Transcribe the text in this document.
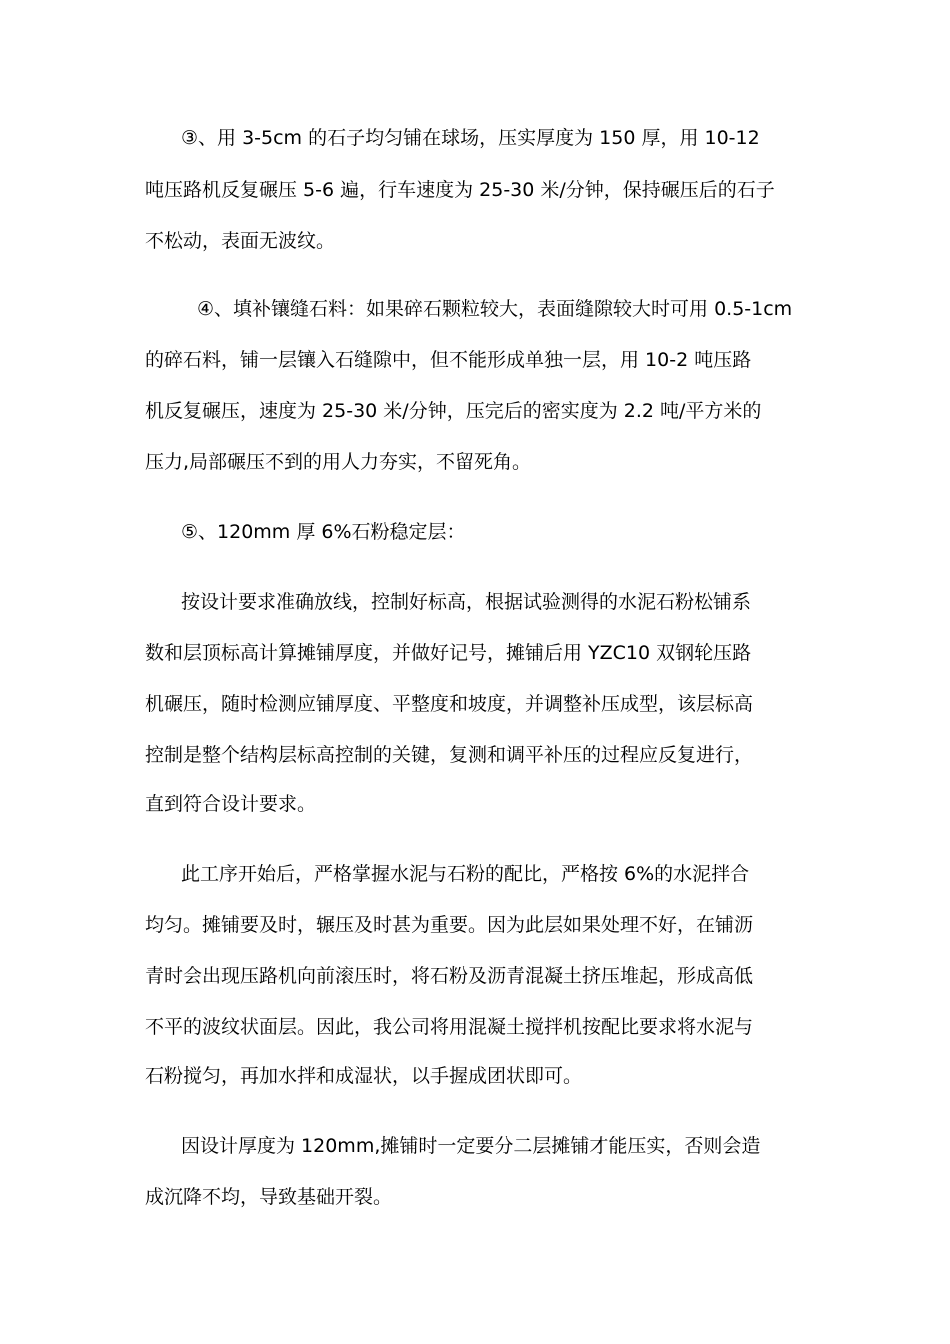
③、用 3-5cm 的石子均匀铺在球场，压实厚度为 150 厚，用 10-12
吨压路机反复碾压 5-6 遍，行车速度为 25-30 米/分钟，保持碾压后的石子
不松动，表面无波纹。
④、填补镶缝石料：如果碎石颗粒较大，表面缝隙较大时可用 0.5-1cm
的碎石料，铺一层镶入石缝隙中，但不能形成单独一层，用 10-2 吨压路
机反复碾压，速度为 25-30 米/分钟，压完后的密实度为 2.2 吨/平方米的
压力,局部碾压不到的用人力夯实，不留死角。
⑤、120mm 厚 6%石粉稳定层：
按设计要求准确放线，控制好标高，根据试验测得的水泥石粉松铺系
数和层顶标高计算摊铺厚度，并做好记号，摊铺后用 YZC10 双钢轮压路
机碾压，随时检测应铺厚度、平整度和坡度，并调整补压成型，该层标高
控制是整个结构层标高控制的关键，复测和调平补压的过程应反复进行，
直到符合设计要求。
此工序开始后，严格掌握水泥与石粉的配比，严格按 6%的水泥拌合
均匀。摊铺要及时，辗压及时甚为重要。因为此层如果处理不好，在铺沥
青时会出现压路机向前滚压时，将石粉及沥青混凝土挤压堆起，形成高低
不平的波纹状面层。因此，我公司将用混凝土搅拌机按配比要求将水泥与
石粉搅匀，再加水拌和成湿状，以手握成团状即可。
因设计厚度为 120mm,摊铺时一定要分二层摊铺才能压实，否则会造
成沉降不均，导致基础开裂。
